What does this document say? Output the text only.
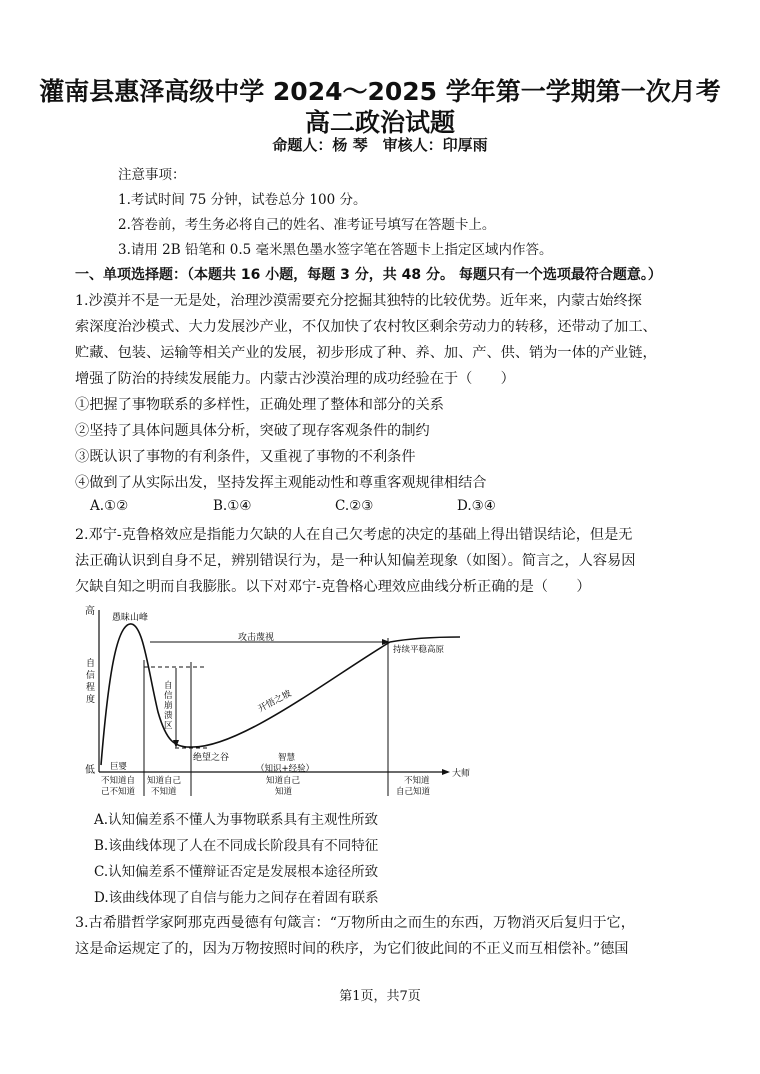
灌南县惠泽高级中学 2024～2025 学年第一学期第一次月考
高二政治试题
命题人：杨 琴　审核人：印厚雨
注意事项：
1.考试时间 75 分钟，试卷总分 100 分。
2.答卷前，考生务必将自己的姓名、准考证号填写在答题卡上。
3.请用 2B 铅笔和 0.5 毫米黑色墨水签字笔在答题卡上指定区域内作答。
一、单项选择题：（本题共 16 小题，每题 3 分，共 48 分。 每题只有一个选项最符合题意。）
1.沙漠并不是一无是处，治理沙漠需要充分挖掘其独特的比较优势。近年来，内蒙古始终探
索深度治沙模式、大力发展沙产业，不仅加快了农村牧区剩余劳动力的转移，还带动了加工、
贮藏、包装、运输等相关产业的发展，初步形成了种、养、加、产、供、销为一体的产业链，
增强了防治的持续发展能力。内蒙古沙漠治理的成功经验在于（　　）
①把握了事物联系的多样性，正确处理了整体和部分的关系
②坚持了具体问题具体分析，突破了现存客观条件的制约
③既认识了事物的有利条件，又重视了事物的不利条件
④做到了从实际出发，坚持发挥主观能动性和尊重客观规律相结合
A.①②	B.①④	C.②③	D.③④
2.邓宁-克鲁格效应是指能力欠缺的人在自己欠考虑的决定的基础上得出错误结论，但是无
法正确认识到自身不足，辨别错误行为，是一种认知偏差现象（如图）。简言之，人容易因
欠缺自知之明而自我膨胀。以下对邓宁-克鲁格心理效应曲线分析正确的是（　　）
高
低
自
信
程
度
愚昧山峰
攻击蔑视
持续平稳高原
自
信
崩
溃
区
绝望之谷
开悟之坡
智慧
（知识+经验）
巨婴
大师
不知道自
己不知道
知道自己
不知道
知道自己
知道
不知道
自己知道
A.认知偏差系不懂人为事物联系具有主观性所致
B.该曲线体现了人在不同成长阶段具有不同特征
C.认知偏差系不懂辩证否定是发展根本途径所致
D.该曲线体现了自信与能力之间存在着固有联系
3.古希腊哲学家阿那克西曼德有句箴言：“万物所由之而生的东西，万物消灭后复归于它，
这是命运规定了的，因为万物按照时间的秩序，为它们彼此间的不正义而互相偿补。”德国
第1页，共7页
